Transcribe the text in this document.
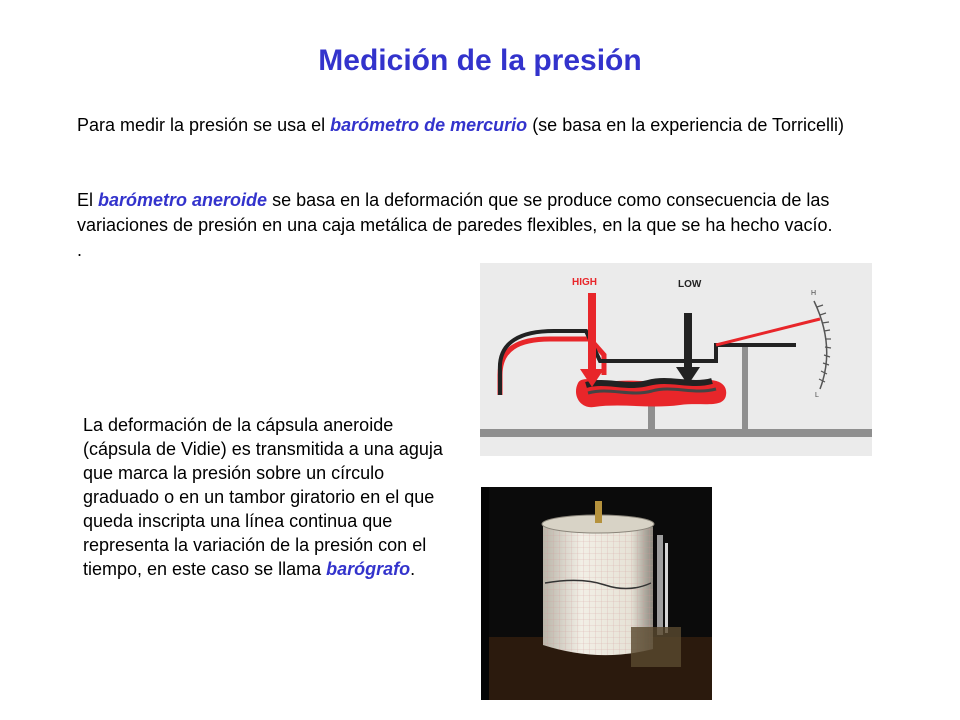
Medición de la presión

Para medir la presión se usa el barómetro de mercurio (se basa en la experiencia de Torricelli)

El barómetro aneroide se basa en la deformación que se produce como consecuencia de las variaciones de presión en una caja metálica de paredes flexibles, en la que se ha hecho vacío. .

HIGH	LOW
H
L

La deformación de la cápsula aneroide (cápsula de Vidie) es transmitida a una aguja que marca la presión sobre un círculo graduado o en un tambor giratorio en el que queda inscripta una línea continua que representa la variación de la presión con el tiempo, en este caso se llama barógrafo.
